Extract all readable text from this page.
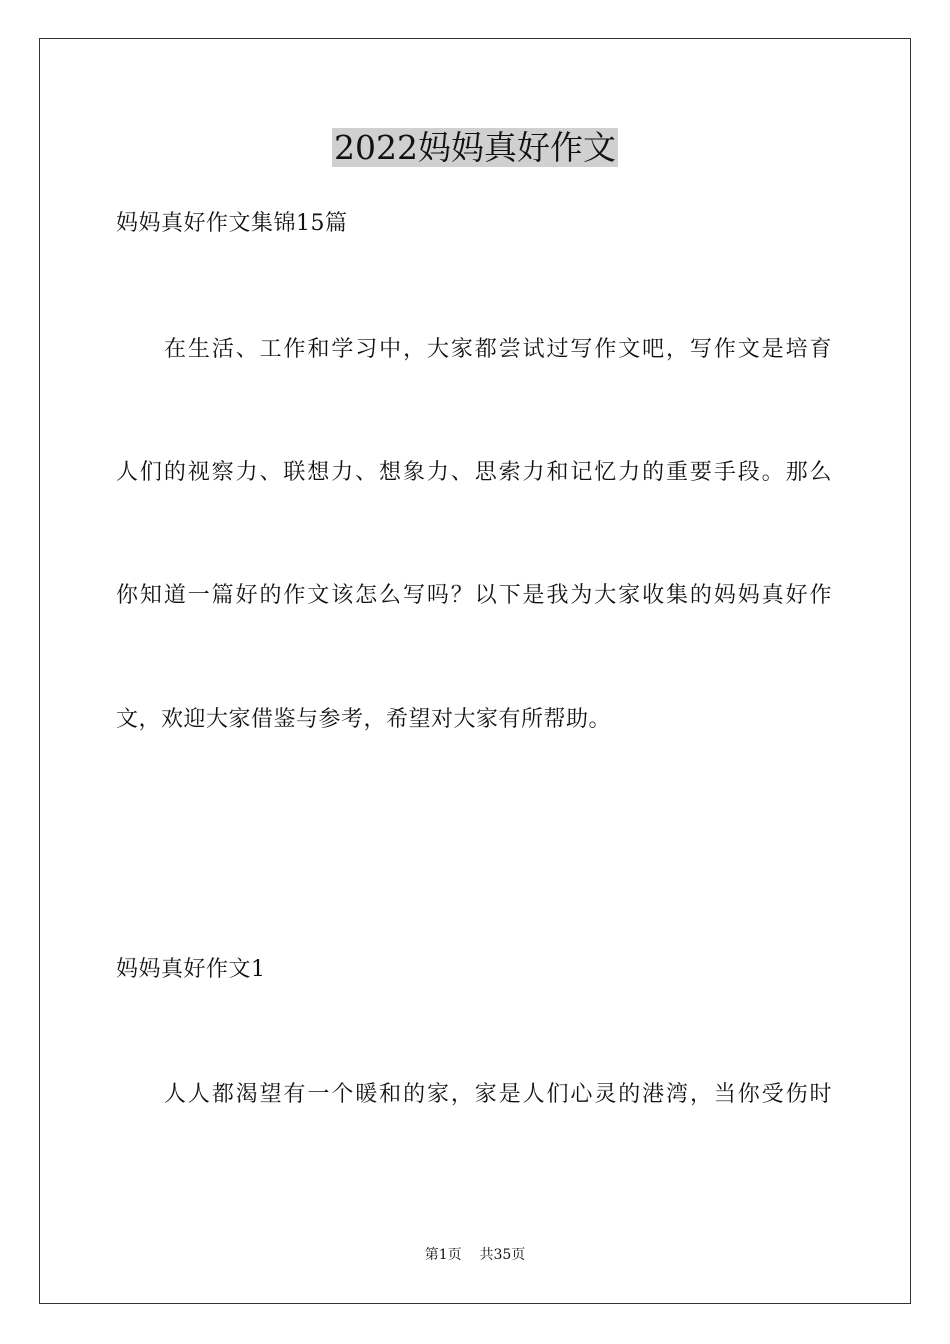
2022妈妈真好作文
妈妈真好作文集锦15篇
在生活、工作和学习中，大家都尝试过写作文吧，写作文是培育
人们的视察力、联想力、想象力、思索力和记忆力的重要手段。那么
你知道一篇好的作文该怎么写吗？以下是我为大家收集的妈妈真好作
文，欢迎大家借鉴与参考，希望对大家有所帮助。
妈妈真好作文1
人人都渴望有一个暖和的家，家是人们心灵的港湾，当你受伤时
第1页    共35页
